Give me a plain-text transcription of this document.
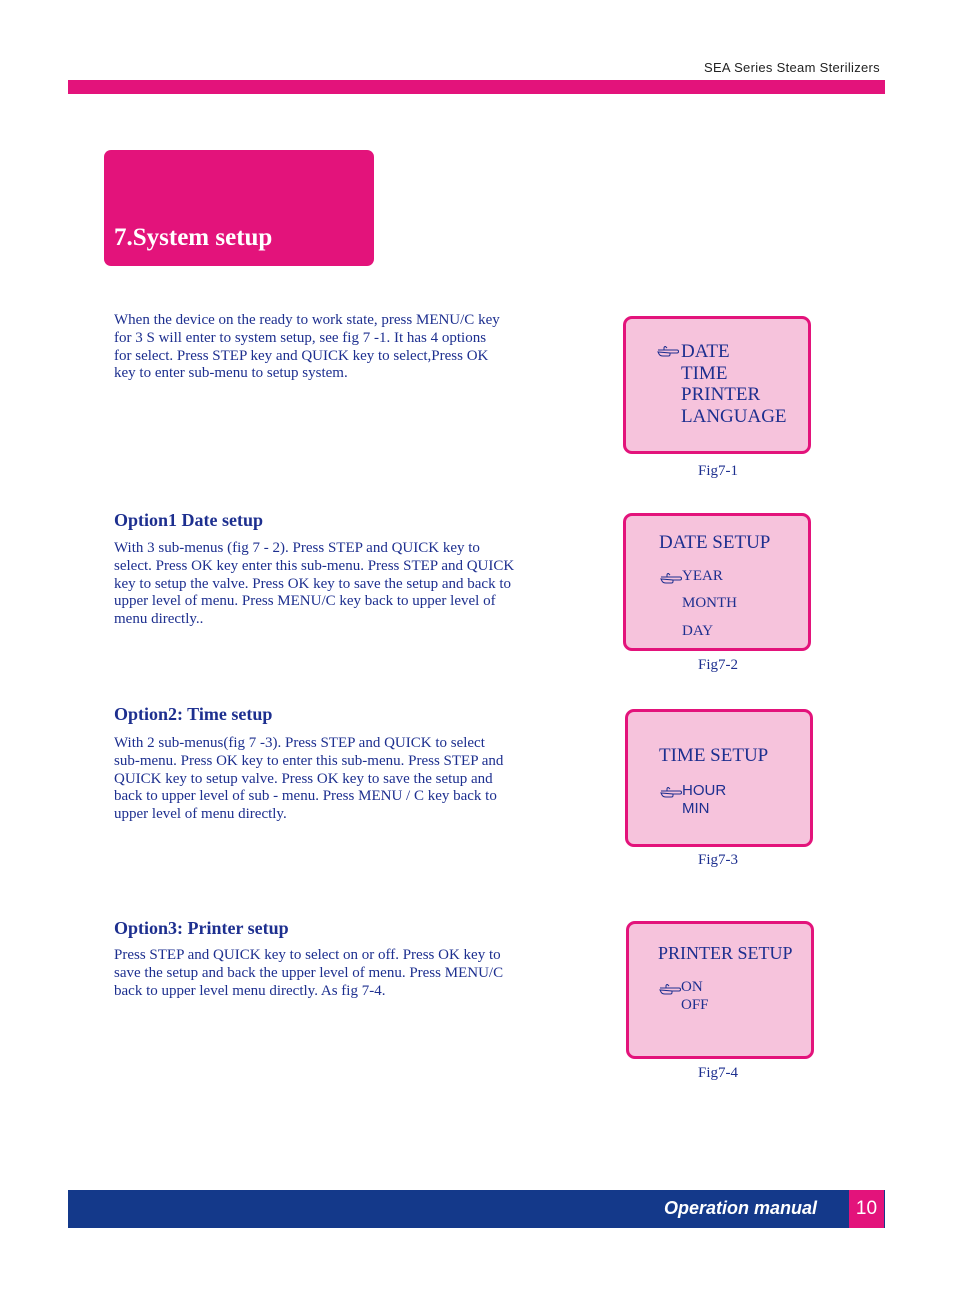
SEA Series Steam Sterilizers
7.System setup

When the device on the ready to work state, press MENU/C key
for 3 S will enter to system setup, see fig 7 -1. It has 4 options
for select. Press STEP key and QUICK key to select,Press OK
key to enter sub-menu to setup system.

Option1 Date setup

With 3 sub-menus (fig 7 - 2). Press STEP and QUICK key to
select. Press OK key enter this sub-menu. Press STEP and QUICK
key to setup the valve. Press OK key to save the setup and back to
upper level of menu. Press MENU/C key back to upper level of
menu directly..

Option2: Time setup

With 2 sub-menus(fig 7 -3). Press STEP and QUICK to select
sub-menu. Press OK key to enter this sub-menu. Press STEP and
QUICK key to setup valve. Press OK key to save the setup and
back to upper level of sub - menu. Press MENU / C key back to
upper level of menu directly.

Option3: Printer setup

Press STEP and QUICK key to select on or off. Press OK key to
save the setup and back the upper level of menu. Press MENU/C
back to upper level menu directly. As fig 7-4.

DATE
TIME
PRINTER
LANGUAGE
Fig7-1
DATE SETUP
YEAR
MONTH
DAY
Fig7-2
TIME SETUP
HOUR
MIN
Fig7-3
PRINTER SETUP
ON
OFF
Fig7-4
Operation manual	10
